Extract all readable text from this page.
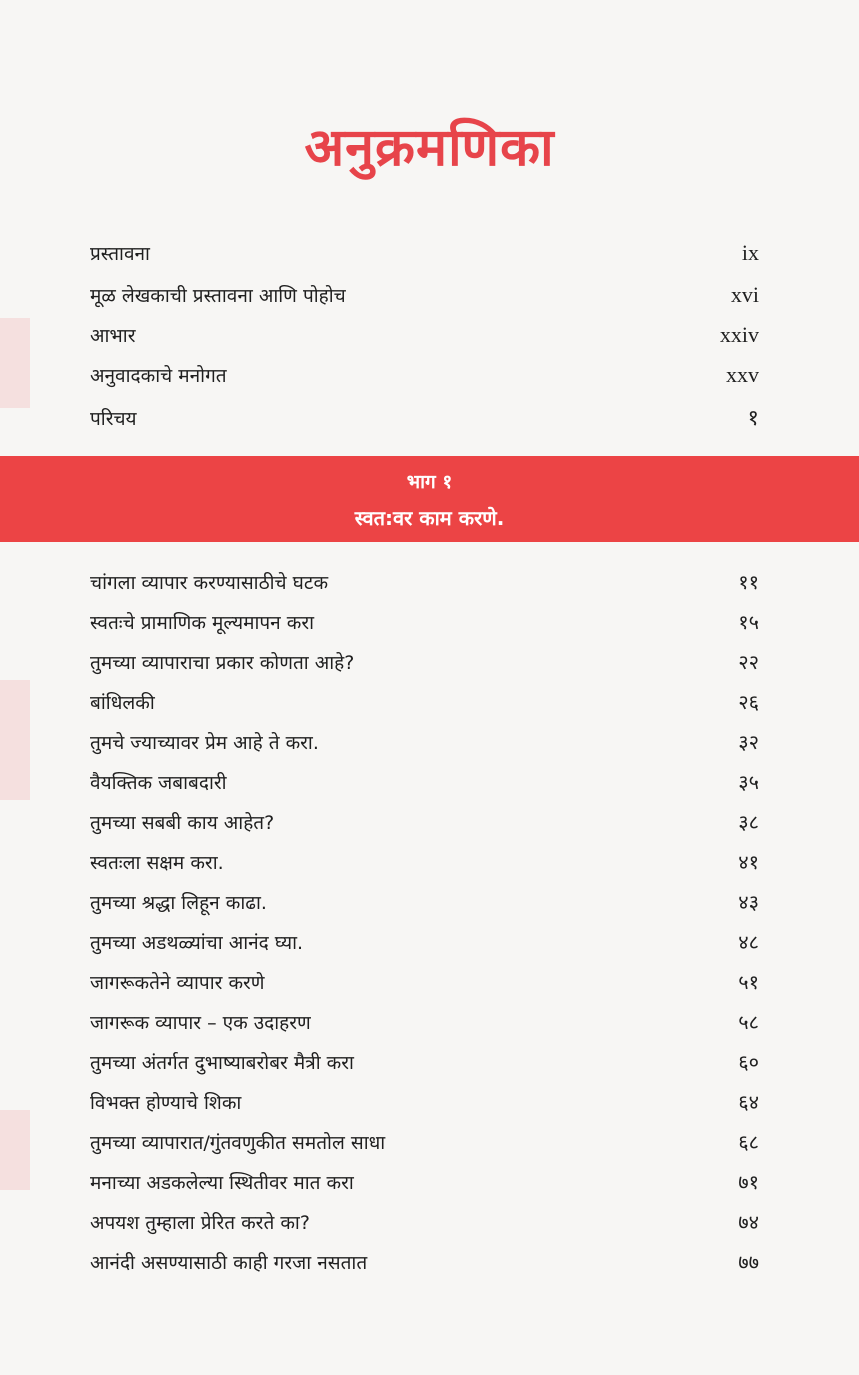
अनुक्रमणिका
प्रस्तावना	ix
मूळ लेखकाची प्रस्तावना आणि पोहोच	xvi
आभार	xxiv
अनुवादकाचे मनोगत	xxv
परिचय	१
भाग १
स्वत:वर काम करणे.
चांगला व्यापार करण्यासाठीचे घटक	११
स्वतःचे प्रामाणिक मूल्यमापन करा	१५
तुमच्या व्यापाराचा प्रकार कोणता आहे?	२२
बांधिलकी	२६
तुमचे ज्याच्यावर प्रेम आहे ते करा.	३२
वैयक्तिक जबाबदारी	३५
तुमच्या सबबी काय आहेत?	३८
स्वतःला सक्षम करा.	४१
तुमच्या श्रद्धा लिहून काढा.	४३
तुमच्या अडथळ्यांचा आनंद घ्या.	४८
जागरूकतेने व्यापार करणे	५१
जागरूक व्यापार – एक उदाहरण	५८
तुमच्या अंतर्गत दुभाष्याबरोबर मैत्री करा	६०
विभक्त होण्याचे शिका	६४
तुमच्या व्यापारात/गुंतवणुकीत समतोल साधा	६८
मनाच्या अडकलेल्या स्थितीवर मात करा	७१
अपयश तुम्हाला प्रेरित करते का?	७४
आनंदी असण्यासाठी काही गरजा नसतात	७७
